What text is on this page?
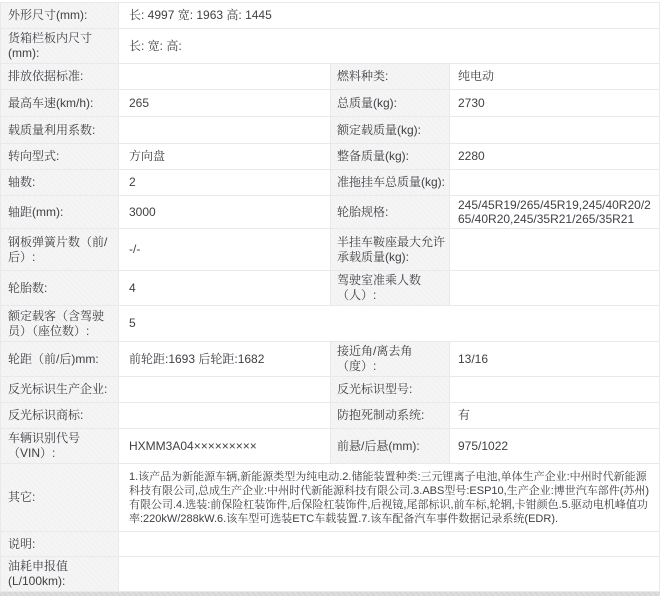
外形尺寸(mm):	长: 4997 宽: 1963 高: 1445		
货箱栏板内尺寸(mm):	长: 宽: 高:		
排放依据标准:		燃料种类:	纯电动
最高车速(km/h):	265	总质量(kg):	2730
载质量利用系数:		额定载质量(kg):	
转向型式:	方向盘	整备质量(kg):	2280
轴数:	2	准拖挂车总质量(kg):	
轴距(mm):	3000	轮胎规格:	245/45R19/265/45R19,245/40R20/265/40R20,245/35R21/265/35R21
钢板弹簧片数（前/后）:	-/-	半挂车鞍座最大允许承载质量(kg):	
轮胎数:	4	驾驶室准乘人数（人）:	
额定载客（含驾驶员）（座位数）:	5		
轮距（前/后)mm:	前轮距:1693 后轮距:1682	接近角/离去角（度）:	13/16
反光标识生产企业:		反光标识型号:	
反光标识商标:		防抱死制动系统:	有
车辆识别代号（VIN）:	HXMM3A04×××××××××	前悬/后悬(mm):	975/1022
其它:	1.该产品为新能源车辆,新能源类型为纯电动.2.储能装置种类:三元锂离子电池,单体生产企业:中州时代新能源科技有限公司,总成生产企业:中州时代新能源科技有限公司.3.ABS型号:ESP10,生产企业:博世汽车部件(苏州)有限公司.4.选装:前保险杠装饰件,后保险杠装饰件,后视镜,尾部标识,前车标,轮辋,卡钳颜色.5.驱动电机峰值功率:220kW/288kW.6.该车型可选装ETC车载装置.7.该车配备汽车事件数据记录系统(EDR).		
说明:			
油耗申报值(L/100km):			
